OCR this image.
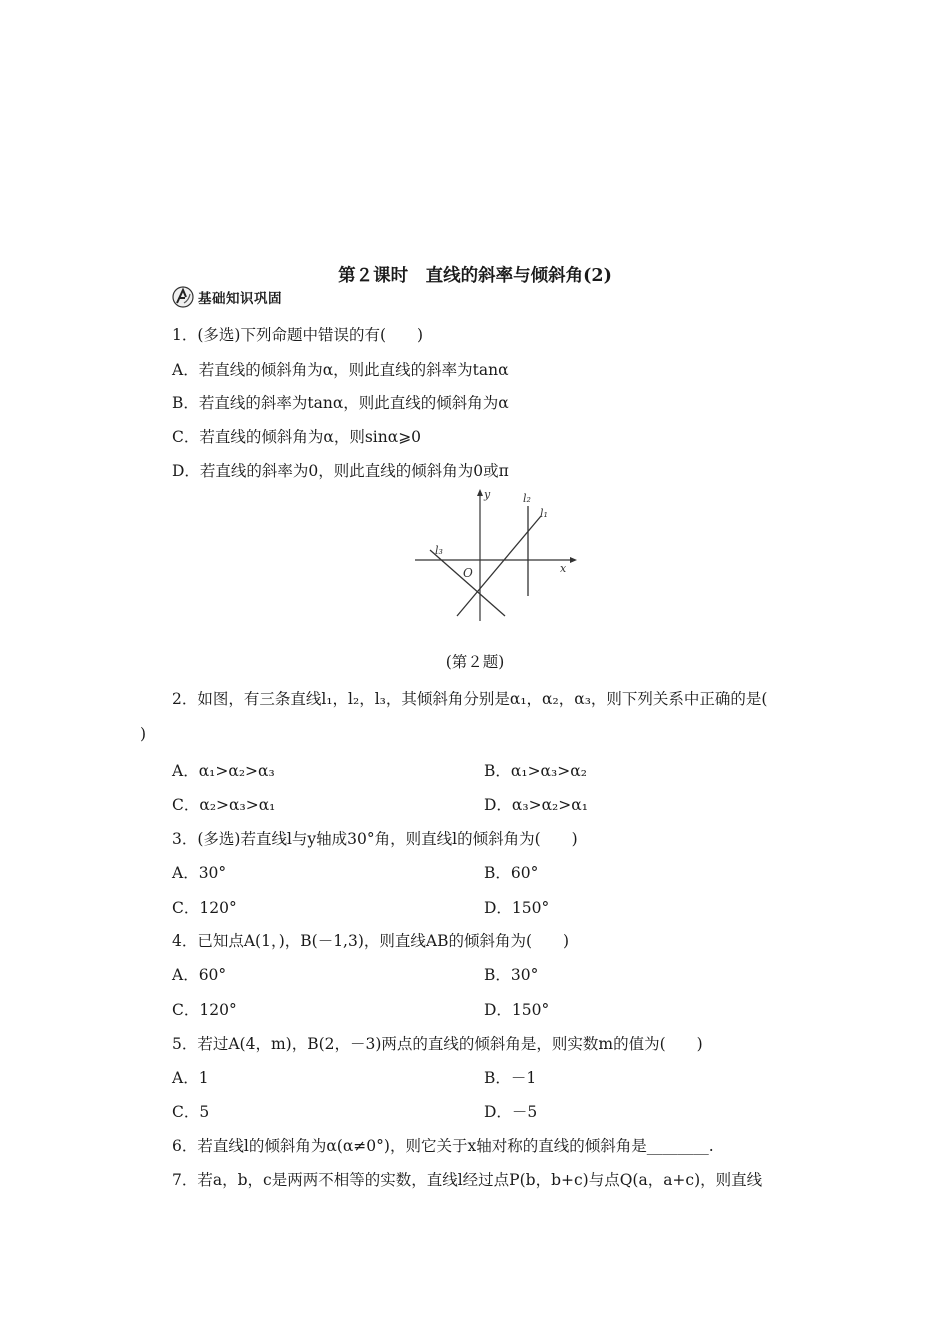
第２课时　直线的斜率与倾斜角(2)
基础知识巩固
1．(多选)下列命题中错误的有(　　)
A．若直线的倾斜角为α，则此直线的斜率为tanα
B．若直线的斜率为tanα，则此直线的倾斜角为α
C．若直线的倾斜角为α，则sinα⩾0
D．若直线的斜率为0，则此直线的倾斜角为0或π
y
x
O
l₁
l₂
l₃
(第２题)
2．如图，有三条直线l₁，l₂，l₃，其倾斜角分别是α₁，α₂，α₃，则下列关系中正确的是(
)
A．α₁>α₂>α₃	B．α₁>α₃>α₂
C．α₂>α₃>α₁	D．α₃>α₂>α₁
3．(多选)若直线l与y轴成30°角，则直线l的倾斜角为(　　)
A．30°	B．60°
C．120°	D．150°
4．已知点A(1，)，B(－1,3)，则直线AB的倾斜角为(　　)
A．60°	B．30°
C．120°	D．150°
5．若过A(4，m)，B(2，－3)两点的直线的倾斜角是，则实数m的值为(　　)
A．1	B．－1
C．5	D．－5
6．若直线l的倾斜角为α(α≠0°)，则它关于x轴对称的直线的倾斜角是________.
7．若a，b，c是两两不相等的实数，直线l经过点P(b，b+c)与点Q(a，a+c)，则直线
